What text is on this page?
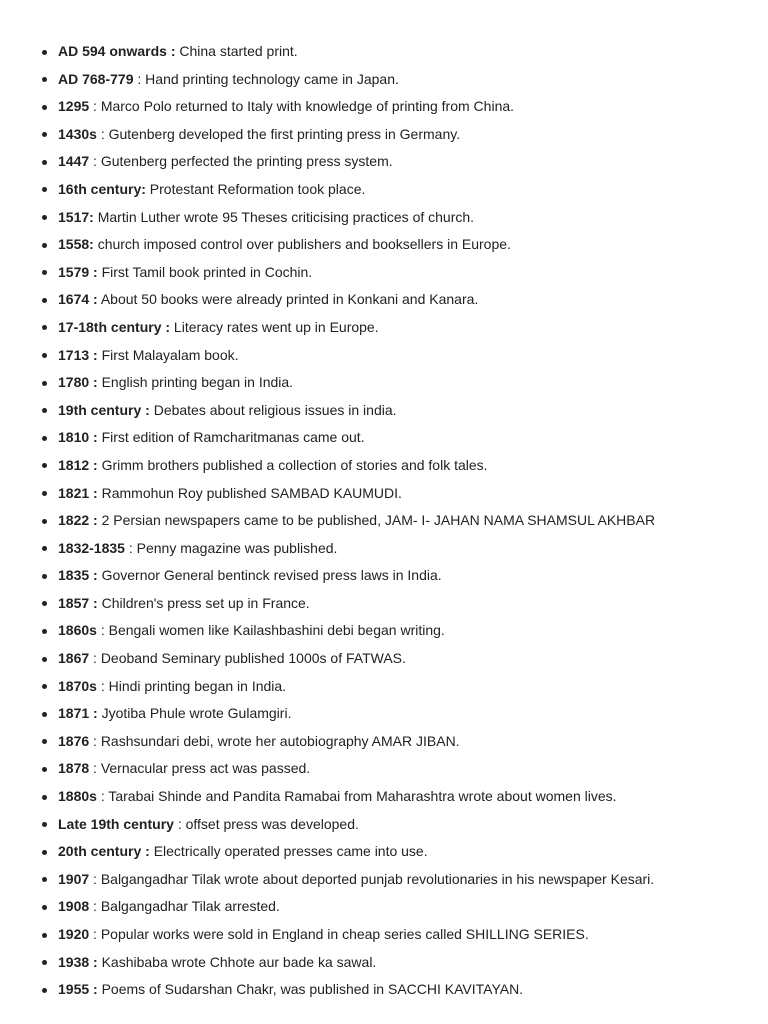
AD 594 onwards : China started print.
AD 768-779 : Hand printing technology came in Japan.
1295 : Marco Polo returned to Italy with knowledge of printing from China.
1430s : Gutenberg developed the first printing press in Germany.
1447 : Gutenberg perfected the printing press system.
16th century: Protestant Reformation took place.
1517: Martin Luther wrote 95 Theses criticising practices of church.
1558: church imposed control over publishers and booksellers in Europe.
1579 : First Tamil book printed in Cochin.
1674 : About 50 books were already printed in Konkani and Kanara.
17-18th century : Literacy rates went up in Europe.
1713 : First Malayalam book.
1780 : English printing began in India.
19th century : Debates about religious issues in india.
1810 : First edition of Ramcharitmanas came out.
1812 : Grimm brothers published a collection of stories and folk tales.
1821 : Rammohun Roy published SAMBAD KAUMUDI.
1822 : 2 Persian newspapers came to be published, JAM- I- JAHAN NAMA SHAMSUL AKHBAR
1832-1835 : Penny magazine was published.
1835 : Governor General bentinck revised press laws in India.
1857 : Children's press set up in France.
1860s : Bengali women like Kailashbashini debi began writing.
1867 : Deoband Seminary published 1000s of FATWAS.
1870s : Hindi printing began in India.
1871 : Jyotiba Phule wrote Gulamgiri.
1876 : Rashsundari debi, wrote her autobiography AMAR JIBAN.
1878 : Vernacular press act was passed.
1880s : Tarabai Shinde and Pandita Ramabai from Maharashtra wrote about women lives.
Late 19th century : offset press was developed.
20th century : Electrically operated presses came into use.
1907 : Balgangadhar Tilak wrote about deported punjab revolutionaries in his newspaper Kesari.
1908 : Balgangadhar Tilak arrested.
1920 : Popular works were sold in England in cheap series called SHILLING SERIES.
1938 : Kashibaba wrote Chhote aur bade ka sawal.
1955 : Poems of Sudarshan Chakr, was published in SACCHI KAVITAYAN.
